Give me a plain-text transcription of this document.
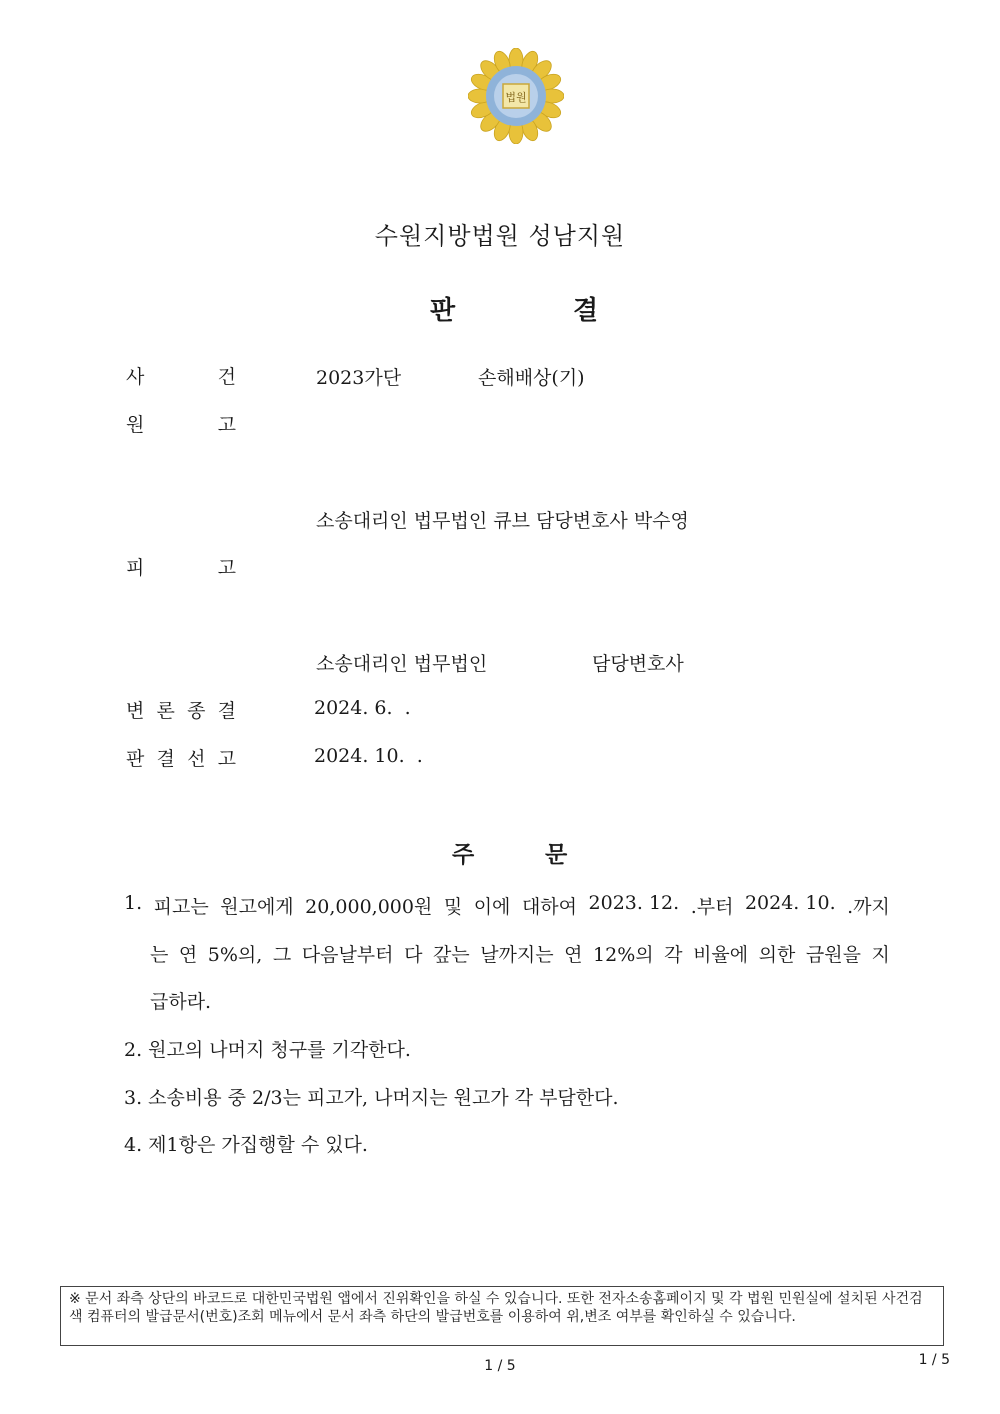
법원
수원지방법원 성남지원
판	결
사	건	2023가단	손해배상(기)
원	고
소송대리인 법무법인 큐브 담당변호사 박수영
피	고
소송대리인 법무법인	담당변호사
변 론 종 결	2024. 6.  .
판 결 선 고	2024. 10.  .
주	문
1. 피고는 원고에게 20,000,000원 및 이에 대하여 2023. 12. .부터 2024. 10. .까지
는 연 5%의, 그 다음날부터 다 갚는 날까지는 연 12%의 각 비율에 의한 금원을 지
급하라.
2. 원고의 나머지 청구를 기각한다.
3. 소송비용 중 2/3는 피고가, 나머지는 원고가 각 부담한다.
4. 제1항은 가집행할 수 있다.
※ 문서 좌측 상단의 바코드로 대한민국법원 앱에서 진위확인을 하실 수 있습니다. 또한 전자소송홈페이지 및 각 법원 민원실에 설치된 사건검색 컴퓨터의 발급문서(번호)조회 메뉴에서 문서 좌측 하단의 발급번호를 이용하여 위,변조 여부를 확인하실 수 있습니다.
1 / 5	1 / 5
